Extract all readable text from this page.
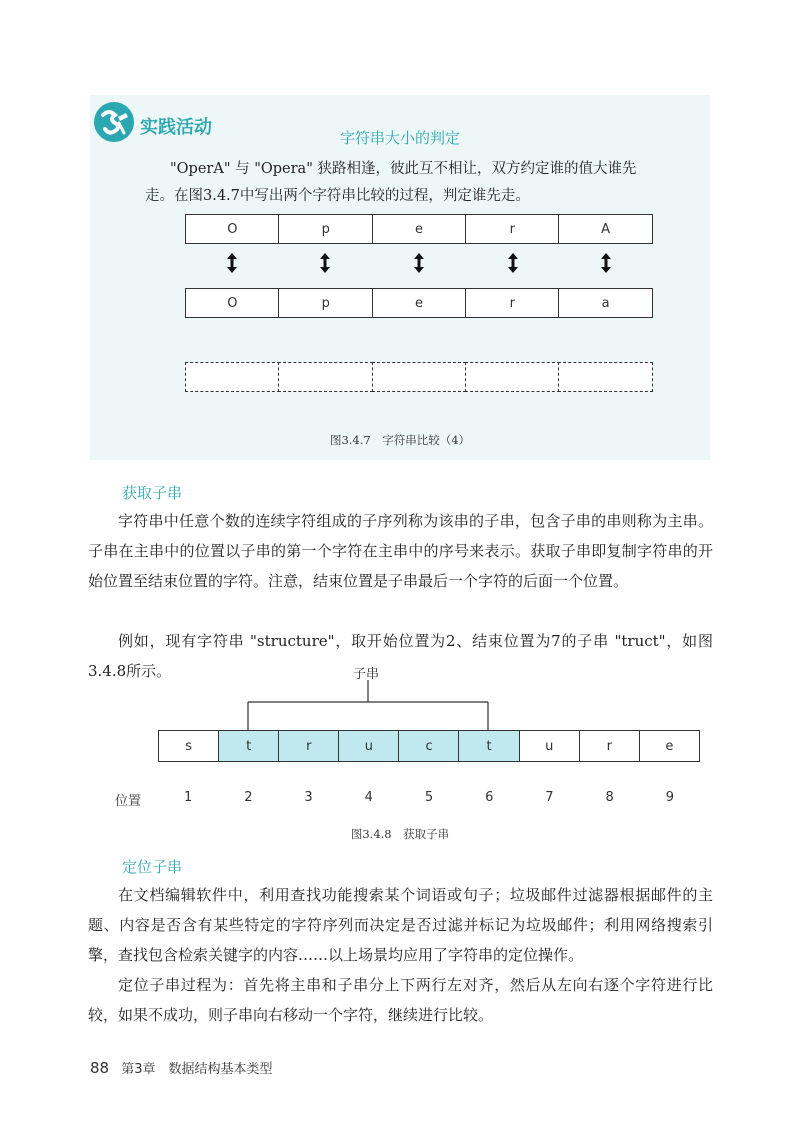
实践活动	字符串大小的判定
"OperA" 与 "Opera" 狭路相逢，彼此互不相让，双方约定谁的值大谁先
走。在图3.4.7中写出两个字符串比较的过程，判定谁先走。
O	p	e	r	A
O	p	e	r	a
图3.4.7　字符串比较（4）
获取子串
字符串中任意个数的连续字符组成的子序列称为该串的子串，包含子串的串则称为主串。子串在主串中的位置以子串的第一个字符在主串中的序号来表示。获取子串即复制字符串的开始位置至结束位置的字符。注意，结束位置是子串最后一个字符的后面一个位置。
例如，现有字符串 "structure"，取开始位置为2、结束位置为7的子串 "truct"，如图3.4.8所示。	子串
s	t	r	u	c	t	u	r	e
位置	1	2	3	4	5	6	7	8	9
图3.4.8　获取子串
定位子串
在文档编辑软件中，利用查找功能搜索某个词语或句子；垃圾邮件过滤器根据邮件的主题、内容是否含有某些特定的字符序列而决定是否过滤并标记为垃圾邮件；利用网络搜索引擎，查找包含检索关键字的内容……以上场景均应用了字符串的定位操作。
定位子串过程为：首先将主串和子串分上下两行左对齐，然后从左向右逐个字符进行比较，如果不成功，则子串向右移动一个字符，继续进行比较。
88 第3章　数据结构基本类型
